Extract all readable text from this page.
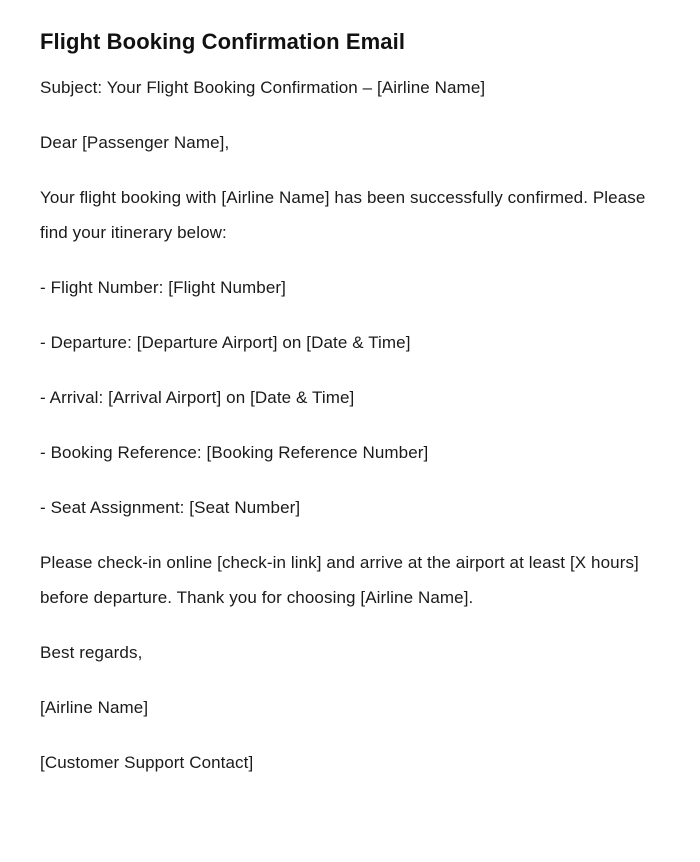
Flight Booking Confirmation Email

Subject: Your Flight Booking Confirmation – [Airline Name]

Dear [Passenger Name],

Your flight booking with [Airline Name] has been successfully confirmed. Please find your itinerary below:

- Flight Number: [Flight Number]

- Departure: [Departure Airport] on [Date & Time]

- Arrival: [Arrival Airport] on [Date & Time]

- Booking Reference: [Booking Reference Number]

- Seat Assignment: [Seat Number]

Please check-in online [check-in link] and arrive at the airport at least [X hours] before departure. Thank you for choosing [Airline Name].

Best regards,

[Airline Name]

[Customer Support Contact]
